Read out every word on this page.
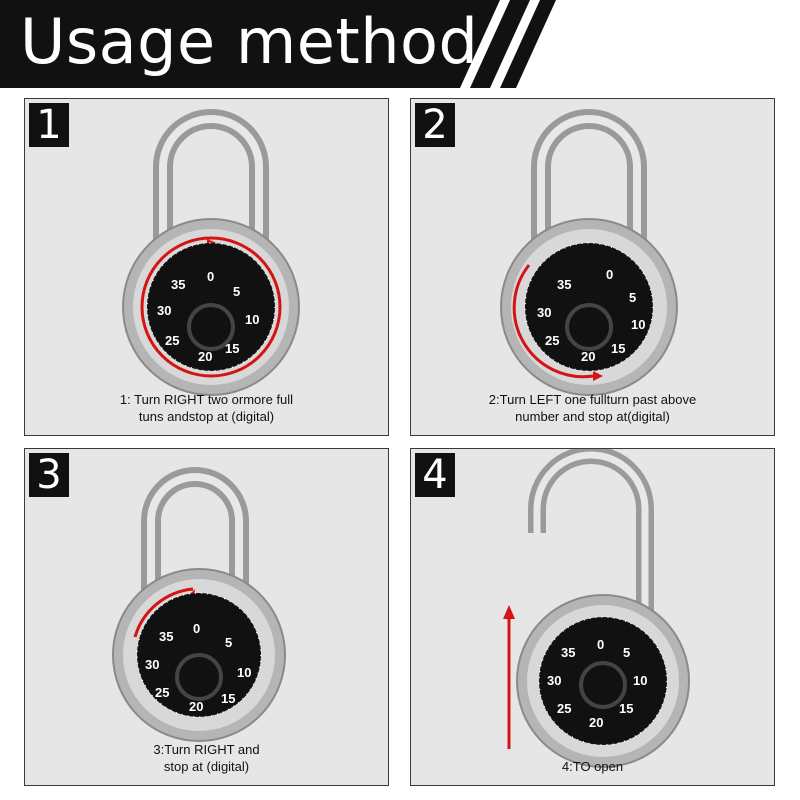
Usage method
1
0
5
10
15
20
25
30
35
1: Turn RIGHT two ormore full
tuns andstop at (digital)
2
0
5
10
15
20
25
30
35
2:Turn LEFT one fullturn past above
number and stop at(digital)
3
0
5
10
15
20
25
30
35
3:Turn RIGHT and
stop at (digital)
4
0
5
10
15
20
25
30
35
4:TO open
